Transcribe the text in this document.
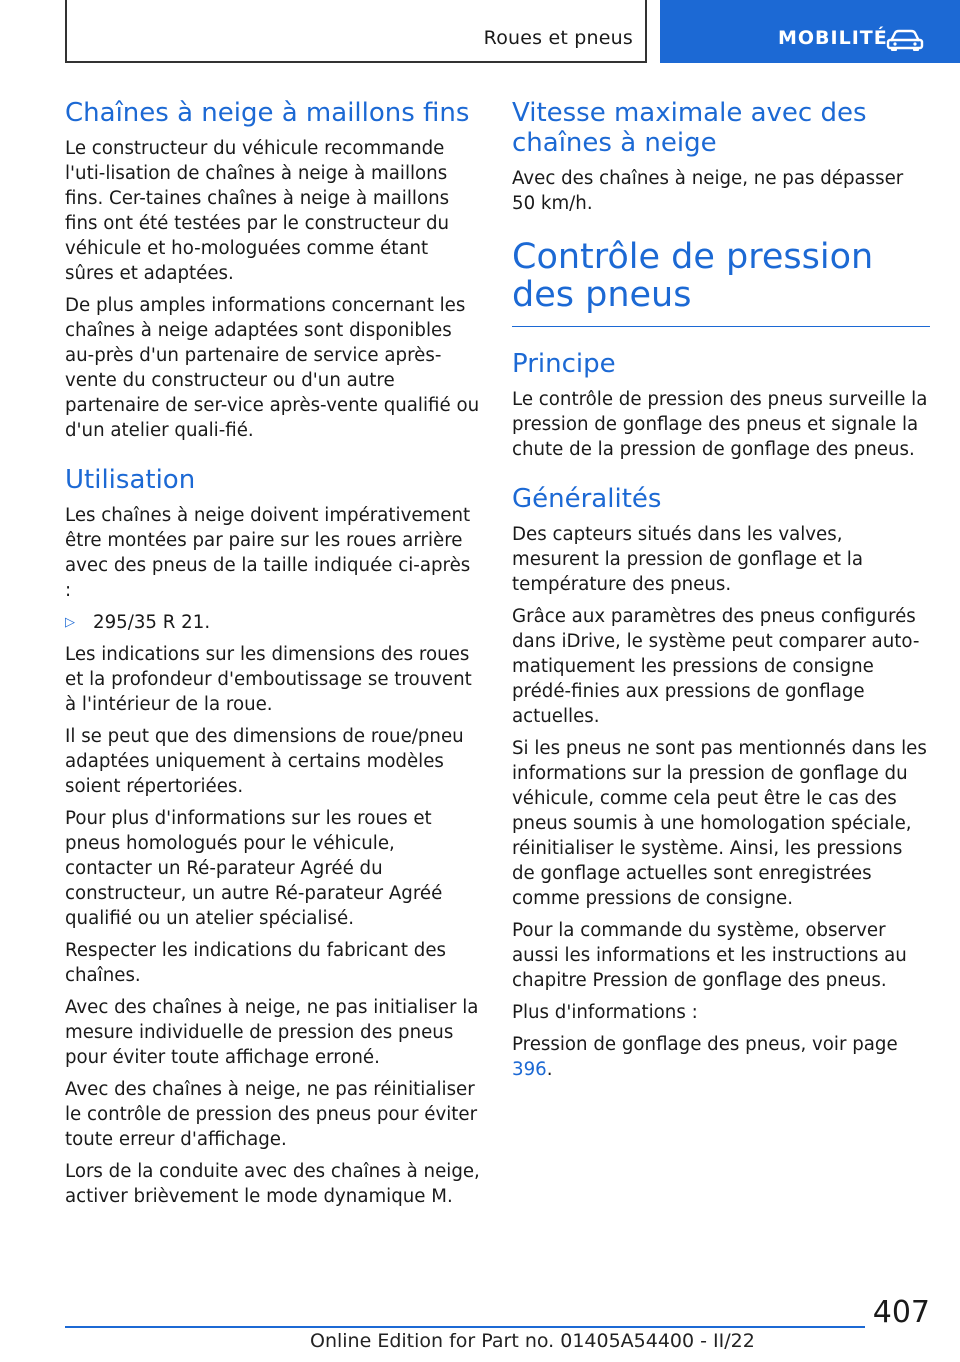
Roues et pneus	MOBILITÉ
Chaînes à neige à maillons fins

Le constructeur du véhicule recommande l'uti-lisation de chaînes à neige à maillons fins. Cer-taines chaînes à neige à maillons fins ont été testées par le constructeur du véhicule et ho-mologuées comme étant sûres et adaptées.

De plus amples informations concernant les chaînes à neige adaptées sont disponibles au-près d'un partenaire de service après-vente du constructeur ou d'un autre partenaire de ser-vice après-vente qualifié ou d'un atelier quali-fié.

Utilisation

Les chaînes à neige doivent impérativement être montées par paire sur les roues arrière avec des pneus de la taille indiquée ci-après :

▷ 295/35 R 21.

Les indications sur les dimensions des roues et la profondeur d'emboutissage se trouvent à l'intérieur de la roue.

Il se peut que des dimensions de roue/pneu adaptées uniquement à certains modèles soient répertoriées.

Pour plus d'informations sur les roues et pneus homologués pour le véhicule, contacter un Ré-parateur Agréé du constructeur, un autre Ré-parateur Agréé qualifié ou un atelier spécialisé.

Respecter les indications du fabricant des chaînes.

Avec des chaînes à neige, ne pas initialiser la mesure individuelle de pression des pneus pour éviter toute affichage erroné.

Avec des chaînes à neige, ne pas réinitialiser le contrôle de pression des pneus pour éviter toute erreur d'affichage.

Lors de la conduite avec des chaînes à neige, activer brièvement le mode dynamique M.

Vitesse maximale avec des chaînes à neige

Avec des chaînes à neige, ne pas dépasser 50 km/h.

Contrôle de pression des pneus
Principe

Le contrôle de pression des pneus surveille la pression de gonflage des pneus et signale la chute de la pression de gonflage des pneus.

Généralités

Des capteurs situés dans les valves, mesurent la pression de gonflage et la température des pneus.

Grâce aux paramètres des pneus configurés dans iDrive, le système peut comparer auto-matiquement les pressions de consigne prédé-finies aux pressions de gonflage actuelles.

Si les pneus ne sont pas mentionnés dans les informations sur la pression de gonflage du véhicule, comme cela peut être le cas des pneus soumis à une homologation spéciale, réinitialiser le système. Ainsi, les pressions de gonflage actuelles sont enregistrées comme pressions de consigne.

Pour la commande du système, observer aussi les informations et les instructions au chapitre Pression de gonflage des pneus.

Plus d'informations :

Pression de gonflage des pneus, voir page 396.

407
Online Edition for Part no. 01405A54400 - II/22
